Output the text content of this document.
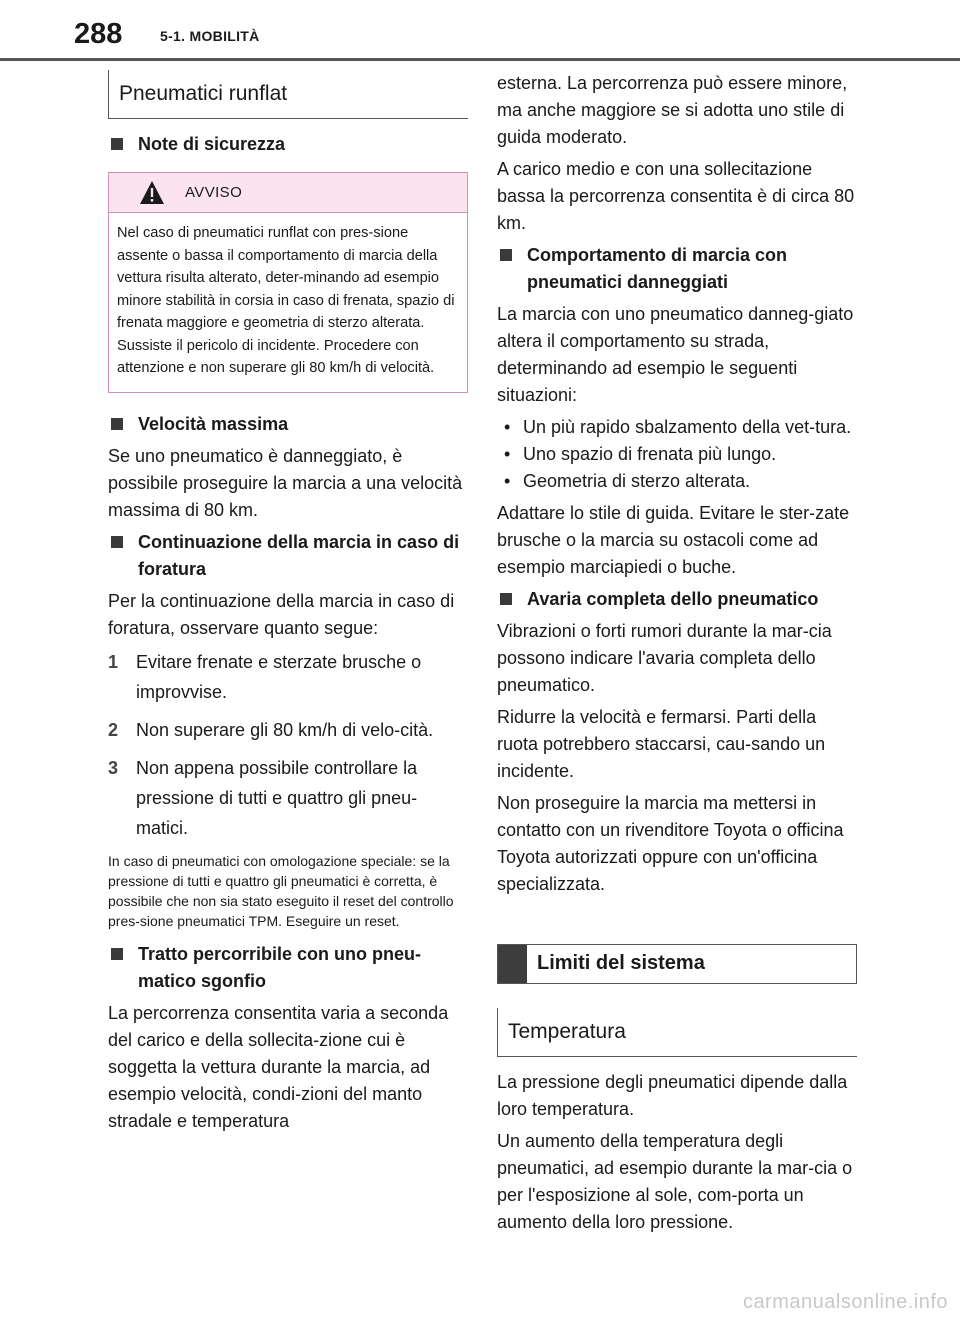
288	5-1. MOBILITÀ
Pneumatici runflat
Note di sicurezza
AVVISO
Nel caso di pneumatici runflat con pres-sione assente o bassa il comportamento di marcia della vettura risulta alterato, deter-minando ad esempio minore stabilità in corsia in caso di frenata, spazio di frenata maggiore e geometria di sterzo alterata. Sussiste il pericolo di incidente. Procedere con attenzione e non superare gli 80 km/h di velocità.
Velocità massima

Se uno pneumatico è danneggiato, è possibile proseguire la marcia a una velocità massima di 80 km.

Continuazione della marcia in caso di foratura

Per la continuazione della marcia in caso di foratura, osservare quanto segue:

1 Evitare frenate e sterzate brusche o improvvise.
2 Non superare gli 80 km/h di velo-cità.
3 Non appena possibile controllare la pressione di tutti e quattro gli pneu-matici.

In caso di pneumatici con omologazione speciale: se la pressione di tutti e quattro gli pneumatici è corretta, è possibile che non sia stato eseguito il reset del controllo pres-sione pneumatici TPM. Eseguire un reset.

Tratto percorribile con uno pneu-matico sgonfio

La percorrenza consentita varia a seconda del carico e della sollecita-zione cui è soggetta la vettura durante la marcia, ad esempio velocità, condi-zioni del manto stradale e temperatura

esterna. La percorrenza può essere minore, ma anche maggiore se si adotta uno stile di guida moderato.

A carico medio e con una sollecitazione bassa la percorrenza consentita è di circa 80 km.

Comportamento di marcia con pneumatici danneggiati

La marcia con uno pneumatico danneg-giato altera il comportamento su strada, determinando ad esempio le seguenti situazioni:

• Un più rapido sbalzamento della vet-tura.
• Uno spazio di frenata più lungo.
• Geometria di sterzo alterata.

Adattare lo stile di guida. Evitare le ster-zate brusche o la marcia su ostacoli come ad esempio marciapiedi o buche.

Avaria completa dello pneumatico

Vibrazioni o forti rumori durante la mar-cia possono indicare l'avaria completa dello pneumatico.

Ridurre la velocità e fermarsi. Parti della ruota potrebbero staccarsi, cau-sando un incidente.

Non proseguire la marcia ma mettersi in contatto con un rivenditore Toyota o officina Toyota autorizzati oppure con un'officina specializzata.

Limiti del sistema
Temperatura

La pressione degli pneumatici dipende dalla loro temperatura.

Un aumento della temperatura degli pneumatici, ad esempio durante la mar-cia o per l'esposizione al sole, com-porta un aumento della loro pressione.

carmanualsonline.info
